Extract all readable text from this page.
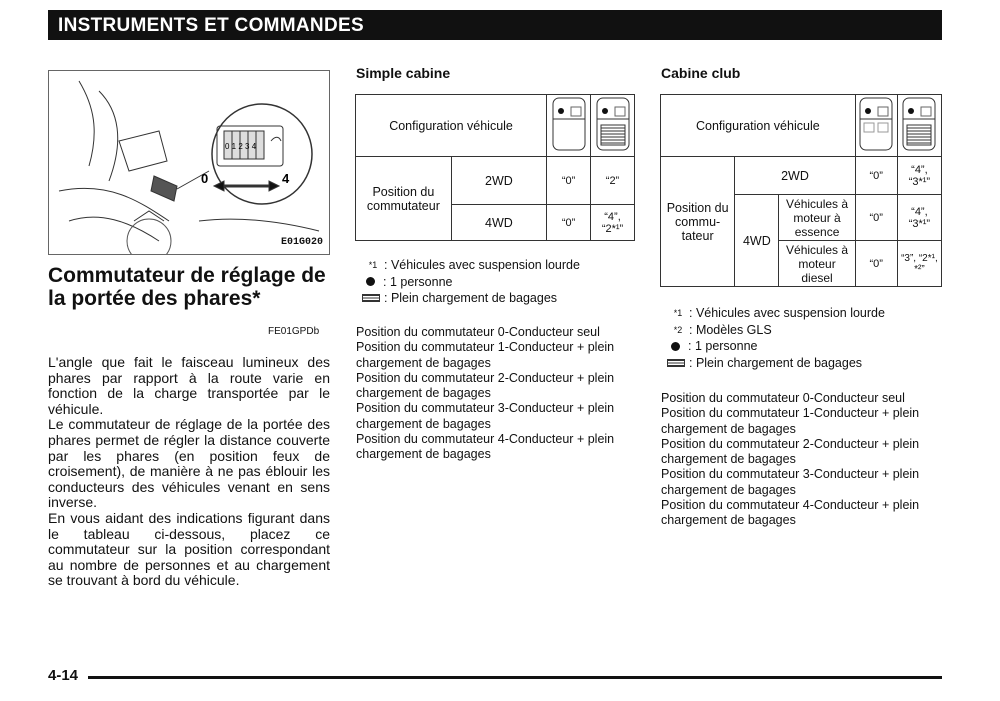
INSTRUMENTS ET COMMANDES
0	4
0 1 2 3 4
E01G020
Commutateur de réglage de la portée des phares*
FE01GPDb

L'angle que fait le faisceau lumineux des phares par rapport à la route varie en fonction de la charge transportée par le véhicule.

Le commutateur de réglage de la portée des phares permet de régler la distance couverte par les phares (en position feux de croisement), de manière à ne pas éblouir les conducteurs des véhicules venant en sens inverse.

En vous aidant des indications figurant dans le tableau ci-dessous, placez ce commutateur sur la position correspondant au nombre de personnes et au chargement se trouvant à bord du véhicule.

Simple cabine
Configuration véhicule		
Position du commutateur	2WD	“0”	“2”
	4WD	“0”	“4”, “2*¹”
*1 : Véhicules avec suspension lourde
: 1 personne
: Plein chargement de bagages

Position du commutateur 0-Conducteur seul

Position du commutateur 1-Conducteur + plein chargement de bagages

Position du commutateur 2-Conducteur + plein chargement de bagages

Position du commutateur 3-Conducteur + plein chargement de bagages

Position du commutateur 4-Conducteur + plein chargement de bagages

Cabine club
Configuration véhicule		
Position du commu- tateur	2WD		“0”	“4”, “3*¹”
	4WD	Véhicules à moteur à essence	“0”	“4”, “3*¹”
		Véhicules à moteur diesel	“0”	“3”, “2*¹, *²”
*1 : Véhicules avec suspension lourde
*2 : Modèles GLS
: 1 personne
: Plein chargement de bagages

Position du commutateur 0-Conducteur seul

Position du commutateur 1-Conducteur + plein chargement de bagages

Position du commutateur 2-Conducteur + plein chargement de bagages

Position du commutateur 3-Conducteur + plein chargement de bagages

Position du commutateur 4-Conducteur + plein chargement de bagages

4-14
